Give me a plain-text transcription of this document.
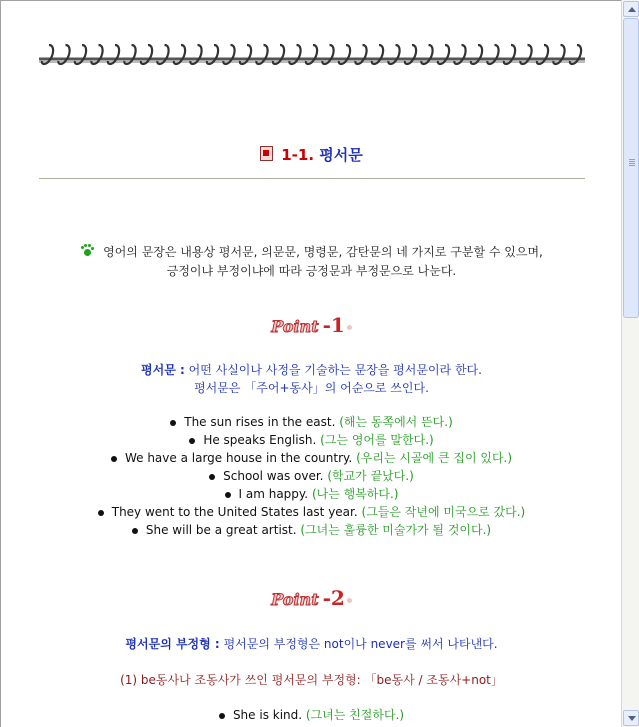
1-1. 평서문
영어의 문장은 내용상 평서문, 의문문, 명령문, 감탄문의 네 가지로 구분할 수 있으며,
긍정이냐 부정이냐에 따라 긍정문과 부정문으로 나눈다.
Point -1
평서문 : 어떤 사실이나 사정을 기술하는 문장을 평서문이라 한다.
평서문은 「주어+동사」의 어순으로 쓰인다.
The sun rises in the east. (해는 동쪽에서 뜬다.)
He speaks English. (그는 영어를 말한다.)
We have a large house in the country. (우리는 시골에 큰 집이 있다.)
School was over. (학교가 끝났다.)
I am happy. (나는 행복하다.)
They went to the United States last year. (그들은 작년에 미국으로 갔다.)
She will be a great artist. (그녀는 훌륭한 미술가가 될 것이다.)
Point -2
평서문의 부정형 : 평서문의 부정형은 not이나 never를 써서 나타낸다.
(1) be동사나 조동사가 쓰인 평서문의 부정형: 「be동사 / 조동사+not」
She is kind. (그녀는 친절하다.)
